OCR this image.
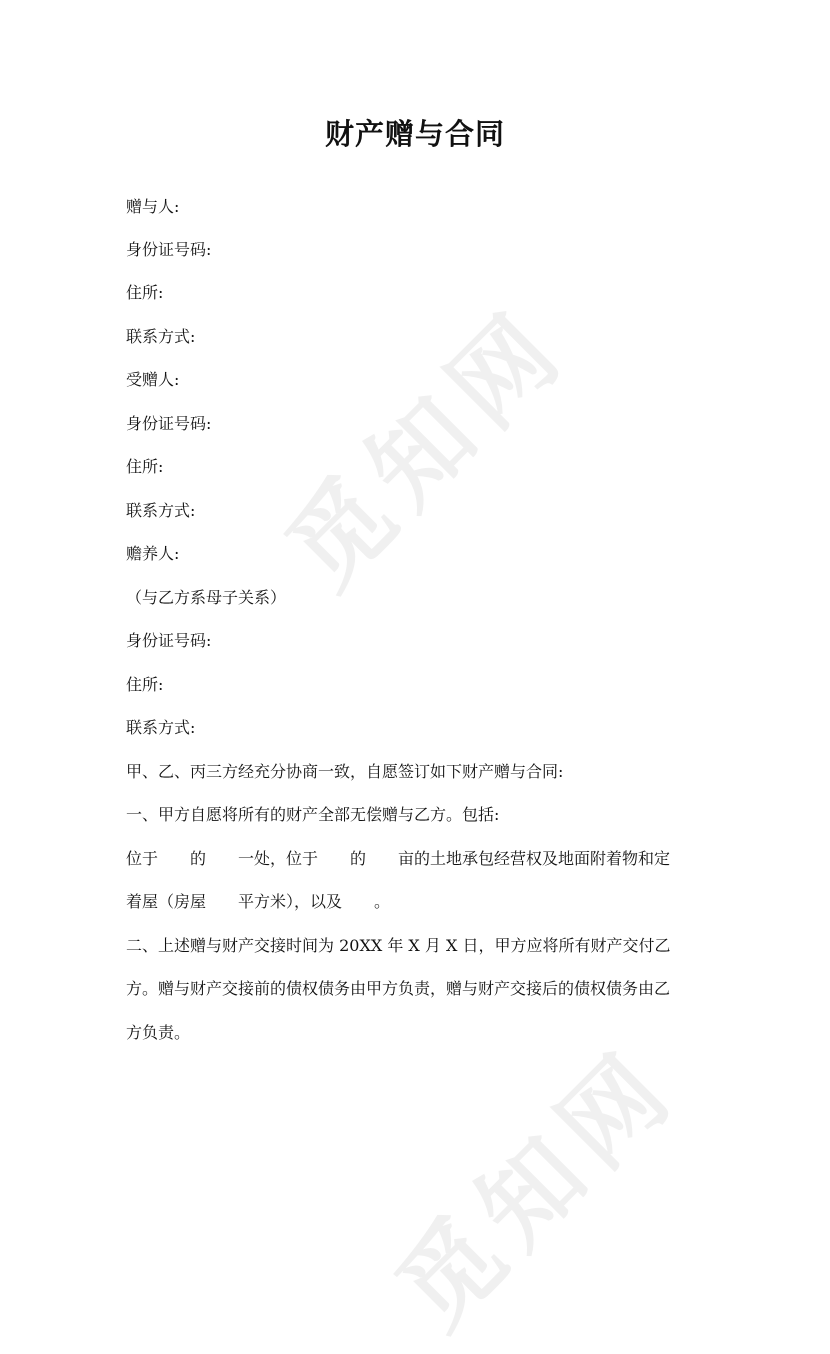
觅知网
觅知网
财产赠与合同

赠与人:

身份证号码:

住所:

联系方式:

受赠人:

身份证号码:

住所:

联系方式:

赡养人:

（与乙方系母子关系）

身份证号码:

住所:

联系方式:

甲、乙、丙三方经充分协商一致，自愿签订如下财产赠与合同:

一、甲方自愿将所有的财产全部无偿赠与乙方。包括:

位于　　的　　一处，位于　　的　　亩的土地承包经营权及地面附着物和定

着屋（房屋　　平方米），以及　　。

二、上述赠与财产交接时间为 20XX 年 X 月 X 日，甲方应将所有财产交付乙

方。赠与财产交接前的债权债务由甲方负责，赠与财产交接后的债权债务由乙

方负责。
